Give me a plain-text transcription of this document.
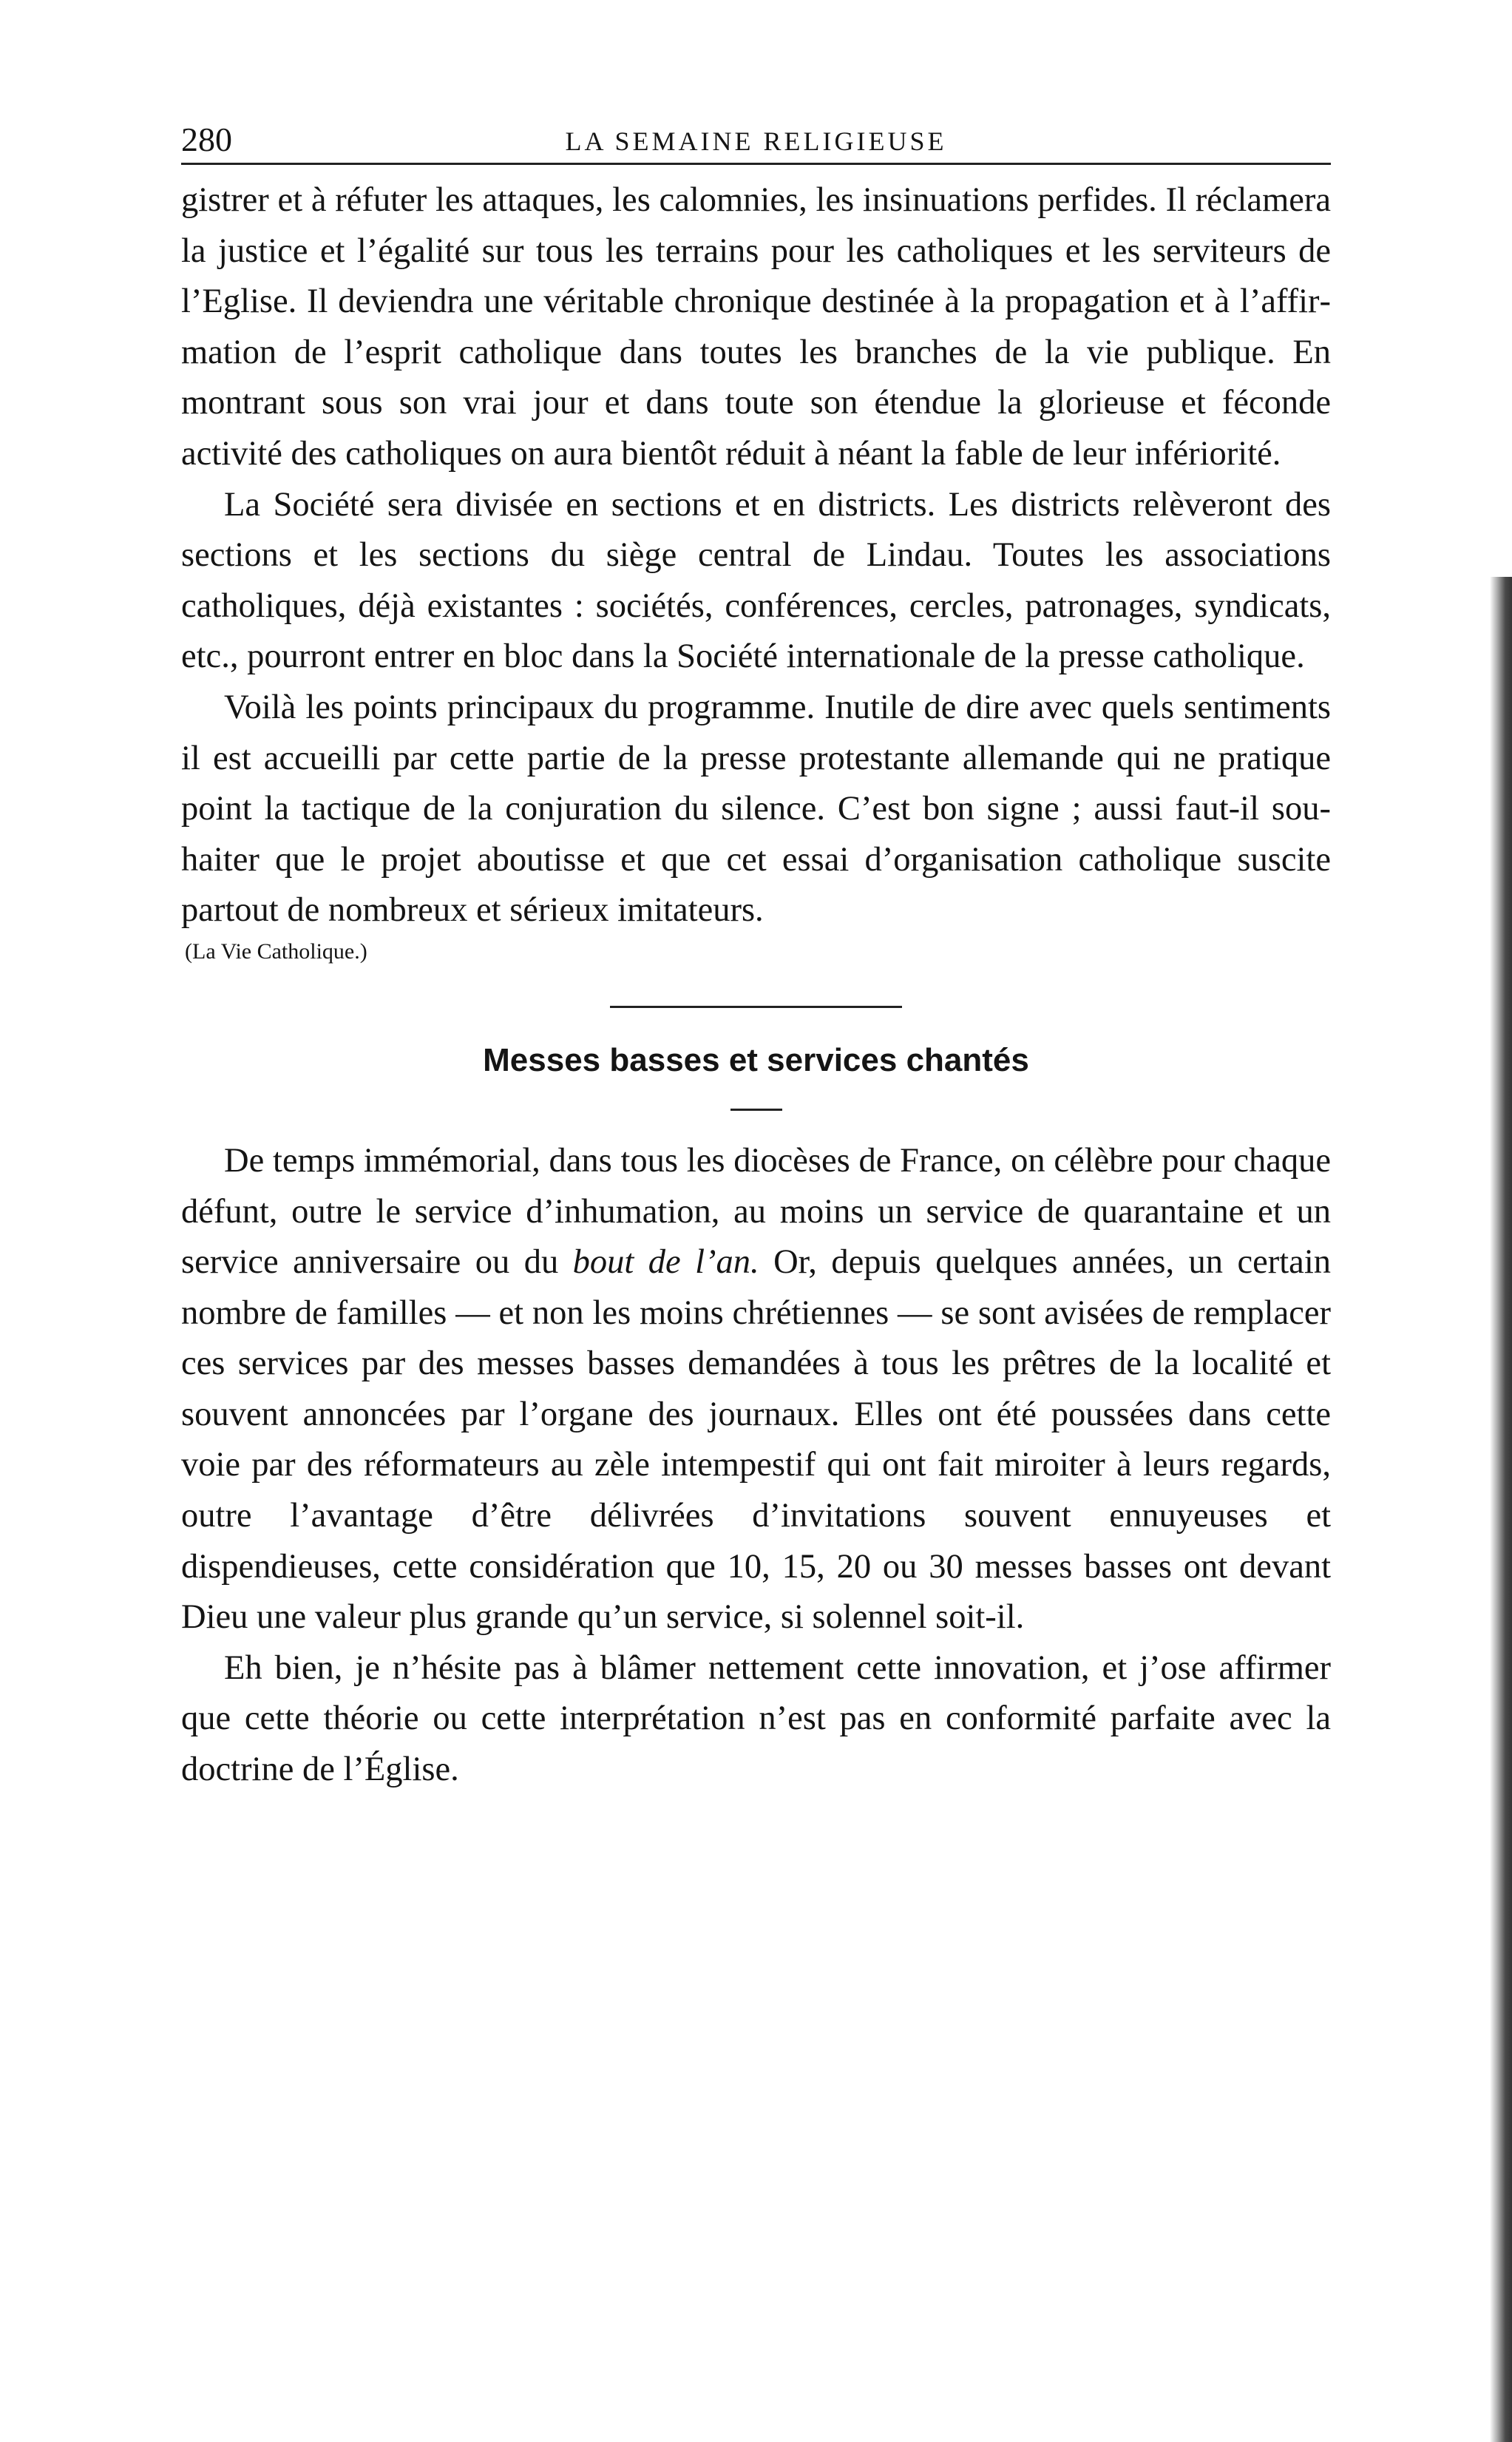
280	LA SEMAINE RELIGIEUSE

gistrer et à réfuter les attaques, les calomnies, les insinuations perfides. Il réclamera la justice et l’égalité sur tous les terrains pour les catholiques et les serviteurs de l’Eglise. Il deviendra une véritable chronique destinée à la propagation et à l’affirmation de l’esprit catholique dans toutes les branches de la vie publique. En montrant sous son vrai jour et dans toute son étendue la glorieuse et féconde activité des catholiques on aura bientôt réduit à néant la fable de leur infériorité.

La Société sera divisée en sections et en districts. Les districts relèveront des sections et les sections du siège central de Lindau. Toutes les associations catholiques, déjà existantes : sociétés, conférences, cercles, patronages, syndicats, etc., pourront entrer en bloc dans la Société internationale de la presse catholique.

Voilà les points principaux du programme. Inutile de dire avec quels sentiments il est accueilli par cette partie de la presse protestante allemande qui ne pratique point la tactique de la conjuration du silence. C’est bon signe ; aussi faut-il souhaiter que le projet aboutisse et que cet essai d’organisation catholique suscite partout de nombreux et sérieux imitateurs.

(La Vie Catholique.)

Messes basses et services chantés

De temps immémorial, dans tous les diocèses de France, on célèbre pour chaque défunt, outre le service d’inhumation, au moins un service de quarantaine et un service anniversaire ou du bout de l’an. Or, depuis quelques années, un certain nombre de familles — et non les moins chrétiennes — se sont avisées de remplacer ces services par des messes basses demandées à tous les prêtres de la localité et souvent annoncées par l’organe des journaux. Elles ont été poussées dans cette voie par des réformateurs au zèle intempestif qui ont fait miroiter à leurs regards, outre l’avantage d’être délivrées d’invitations souvent ennuyeuses et dispendieuses, cette considération que 10, 15, 20 ou 30 messes basses ont devant Dieu une valeur plus grande qu’un service, si solennel soit-il.

Eh bien, je n’hésite pas à blâmer nettement cette innovation, et j’ose affirmer que cette théorie ou cette interprétation n’est pas en conformité parfaite avec la doctrine de l’Église.
